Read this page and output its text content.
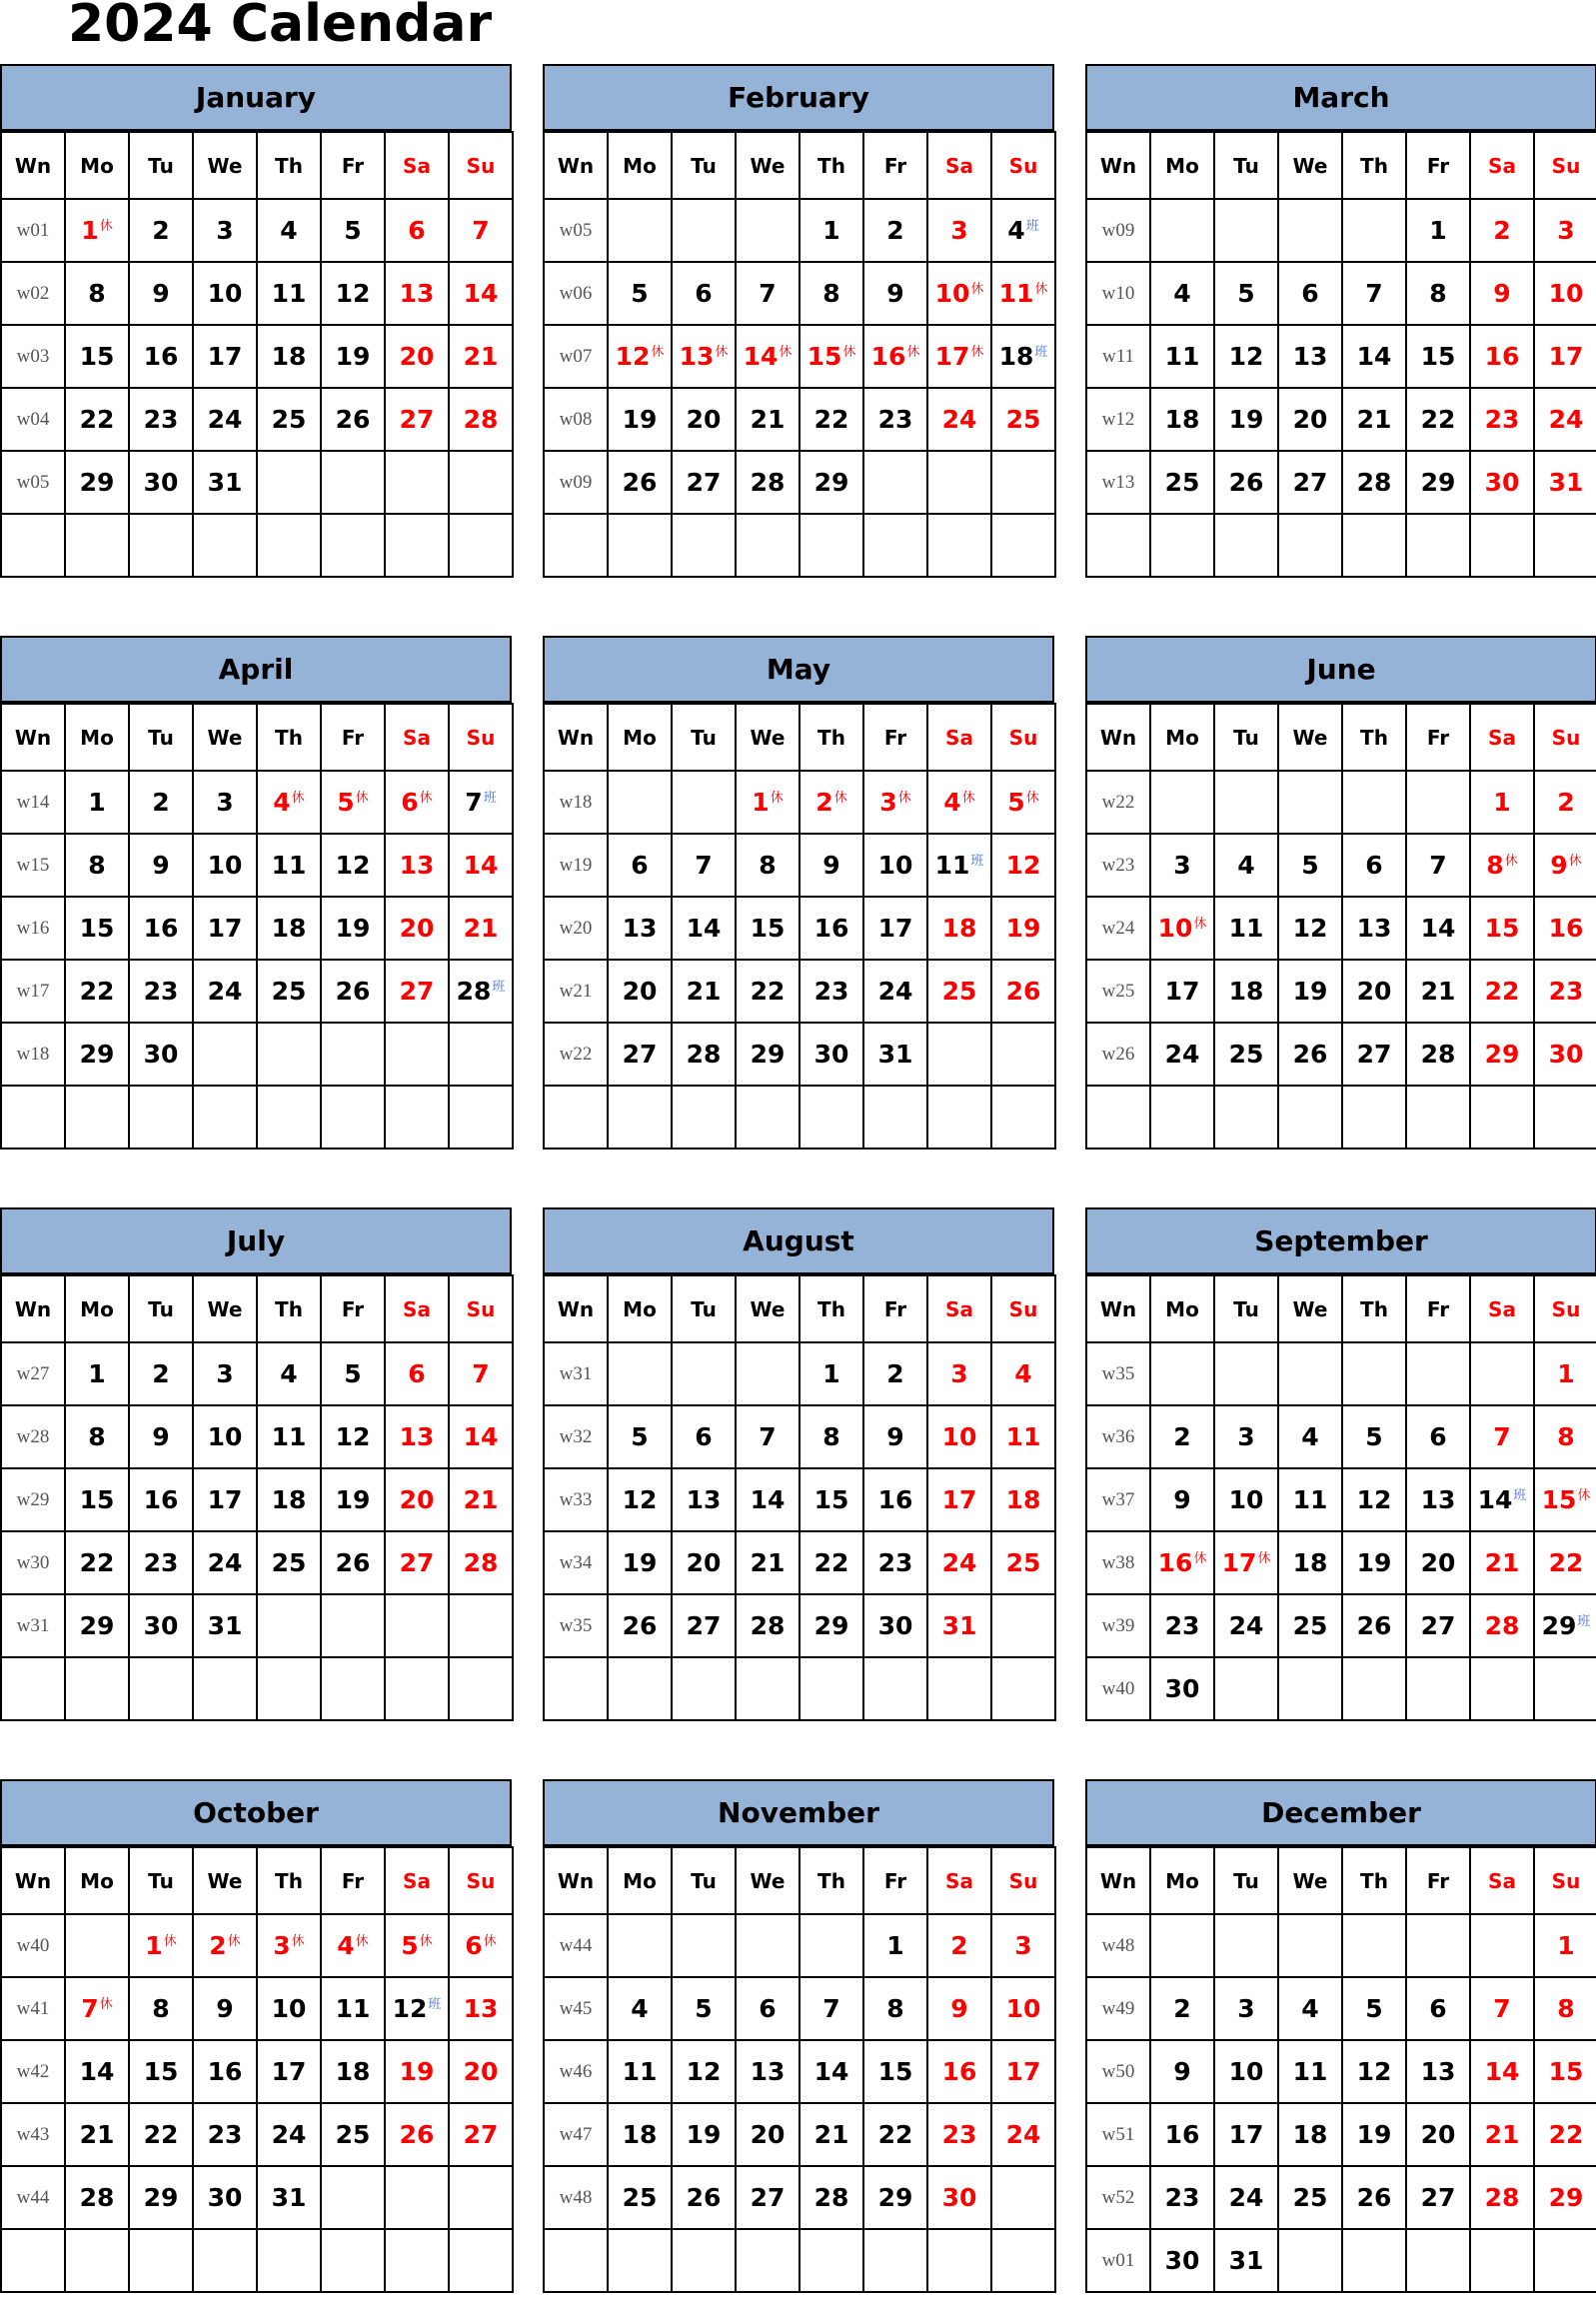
2024 Calendar
January
Wn	Mo	Tu	We	Th	Fr	Sa	Su
w01	$1^休$	2	3	4	5	6	7
w02	8	9	10	11	12	13	14
w03	15	16	17	18	19	20	21
w04	22	23	24	25	26	27	28
w05	29	30	31				

February
Wn	Mo	Tu	We	Th	Fr	Sa	Su
w05				1	2	3	$4^班$
w06	5	6	7	8	9	$10^休$	$11^休$
w07	$12^休$	$13^休$	$14^休$	$15^休$	$16^休$	$17^休$	$18^班$
w08	19	20	21	22	23	24	25
w09	26	27	28	29			

March
Wn	Mo	Tu	We	Th	Fr	Sa	Su
w09					1	2	3
w10	4	5	6	7	8	9	10
w11	11	12	13	14	15	16	17
w12	18	19	20	21	22	23	24
w13	25	26	27	28	29	30	31

April
Wn	Mo	Tu	We	Th	Fr	Sa	Su
w14	1	2	3	$4^休$	$5^休$	$6^休$	$7^班$
w15	8	9	10	11	12	13	14
w16	15	16	17	18	19	20	21
w17	22	23	24	25	26	27	$28^班$
w18	29	30					

May
Wn	Mo	Tu	We	Th	Fr	Sa	Su
w18			$1^休$	$2^休$	$3^休$	$4^休$	$5^休$
w19	6	7	8	9	10	$11^班$	12
w20	13	14	15	16	17	18	19
w21	20	21	22	23	24	25	26
w22	27	28	29	30	31		

June
Wn	Mo	Tu	We	Th	Fr	Sa	Su
w22						1	2
w23	3	4	5	6	7	$8^休$	$9^休$
w24	$10^休$	11	12	13	14	15	16
w25	17	18	19	20	21	22	23
w26	24	25	26	27	28	29	30

July
Wn	Mo	Tu	We	Th	Fr	Sa	Su
w27	1	2	3	4	5	6	7
w28	8	9	10	11	12	13	14
w29	15	16	17	18	19	20	21
w30	22	23	24	25	26	27	28
w31	29	30	31				

August
Wn	Mo	Tu	We	Th	Fr	Sa	Su
w31				1	2	3	4
w32	5	6	7	8	9	10	11
w33	12	13	14	15	16	17	18
w34	19	20	21	22	23	24	25
w35	26	27	28	29	30	31	

September
Wn	Mo	Tu	We	Th	Fr	Sa	Su
w35							1
w36	2	3	4	5	6	7	8
w37	9	10	11	12	13	$14^班$	$15^休$
w38	$16^休$	$17^休$	18	19	20	21	22
w39	23	24	25	26	27	28	$29^班$
w40	30						
October
Wn	Mo	Tu	We	Th	Fr	Sa	Su
w40		$1^休$	$2^休$	$3^休$	$4^休$	$5^休$	$6^休$
w41	$7^休$	8	9	10	11	$12^班$	13
w42	14	15	16	17	18	19	20
w43	21	22	23	24	25	26	27
w44	28	29	30	31			

November
Wn	Mo	Tu	We	Th	Fr	Sa	Su
w44					1	2	3
w45	4	5	6	7	8	9	10
w46	11	12	13	14	15	16	17
w47	18	19	20	21	22	23	24
w48	25	26	27	28	29	30	

December
Wn	Mo	Tu	We	Th	Fr	Sa	Su
w48							1
w49	2	3	4	5	6	7	8
w50	9	10	11	12	13	14	15
w51	16	17	18	19	20	21	22
w52	23	24	25	26	27	28	29
w01	30	31					
